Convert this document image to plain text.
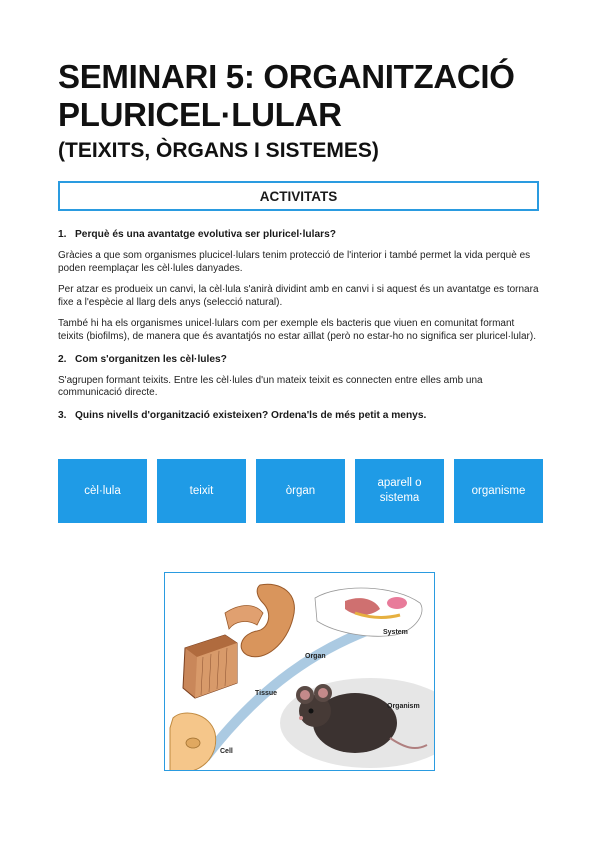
SEMINARI 5: ORGANITZACIÓ
PLURICEL·LULAR
(TEIXITS, ÒRGANS I SISTEMES)
ACTIVITATS
1. Perquè és una avantatge evolutiva ser pluricel·lulars?

Gràcies a que som organismes plucicel·lulars tenim protecció de l'interior i també permet la vida perquè es poden reemplaçar les cèl·lules danyades.

Per atzar es produeix un canvi, la cèl·lula s'anirà dividint amb en canvi i si aquest és un avantatge es tornara fixe a l'espècie al llarg dels anys (selecció natural).

També hi ha els organismes unicel·lulars com per exemple els bacteris que viuen en comunitat formant teixits (biofilms), de manera que és avantatjós no estar aïllat (però no estar-ho no significa ser pluricel·lular).

2. Com s'organitzen les cèl·lules?

S'agrupen formant teixits. Entre les cèl·lules d'un mateix teixit es connecten entre elles amb una communicació directe.

3. Quins nivells d'organització existeixen? Ordena'ls de més petit a menys.
cèl·lula	teixit	òrgan
aparell o sistema
organisme
System
Organ
Tissue
Organism
Cell
